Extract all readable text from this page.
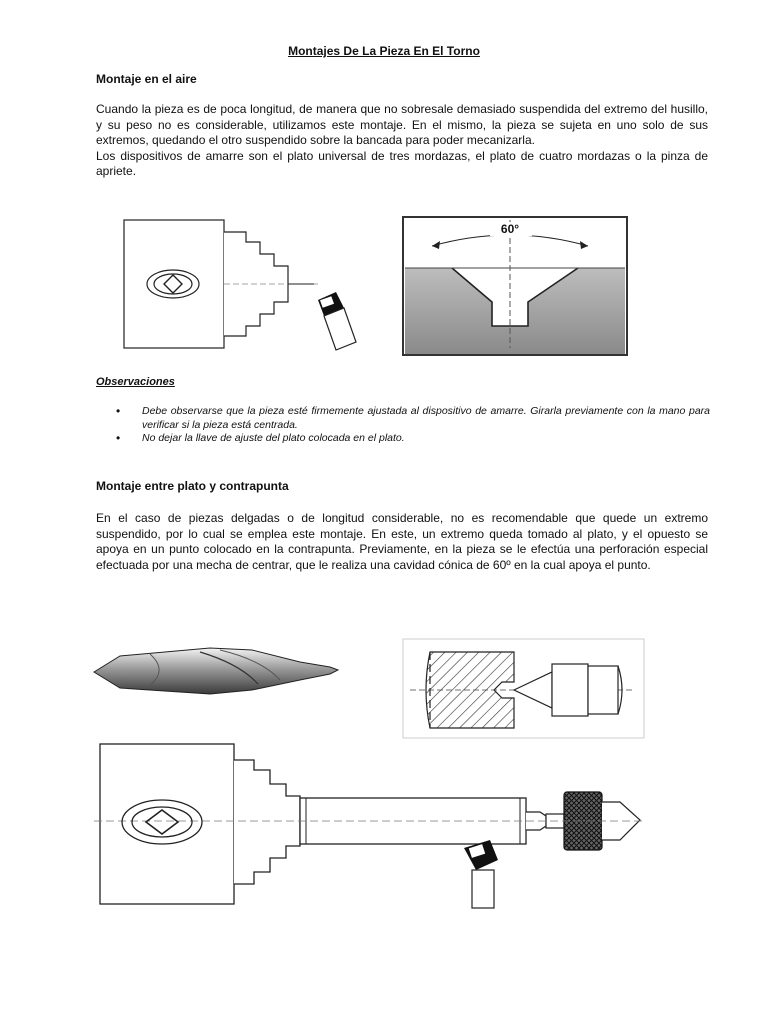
Montajes De La Pieza En El Torno
Montaje en el aire

Cuando la pieza es de poca longitud, de manera que no sobresale demasiado suspendida del extremo del husillo, y su peso no es considerable, utilizamos este montaje. En el mismo, la pieza se sujeta en uno solo de sus extremos, quedando el otro suspendido sobre la bancada para poder mecanizarla.

Los dispositivos de amarre son el plato universal de tres mordazas, el plato de cuatro mordazas o la pinza de apriete.

60°
Observaciones
• Debe observarse que la pieza esté firmemente ajustada al dispositivo de amarre. Girarla previamente con la mano para verificar si la pieza está centrada.
• No dejar la llave de ajuste del plato colocada en el plato.
Montaje entre plato y contrapunta

En el caso de piezas delgadas o de longitud considerable, no es recomendable que quede un extremo suspendido, por lo cual se emplea este montaje. En este, un extremo queda tomado al plato, y el opuesto se apoya en un punto colocado en la contrapunta. Previamente, en la pieza se le efectúa una perforación especial efectuada por una mecha de centrar, que le realiza una cavidad cónica de 60º en la cual apoya el punto.
